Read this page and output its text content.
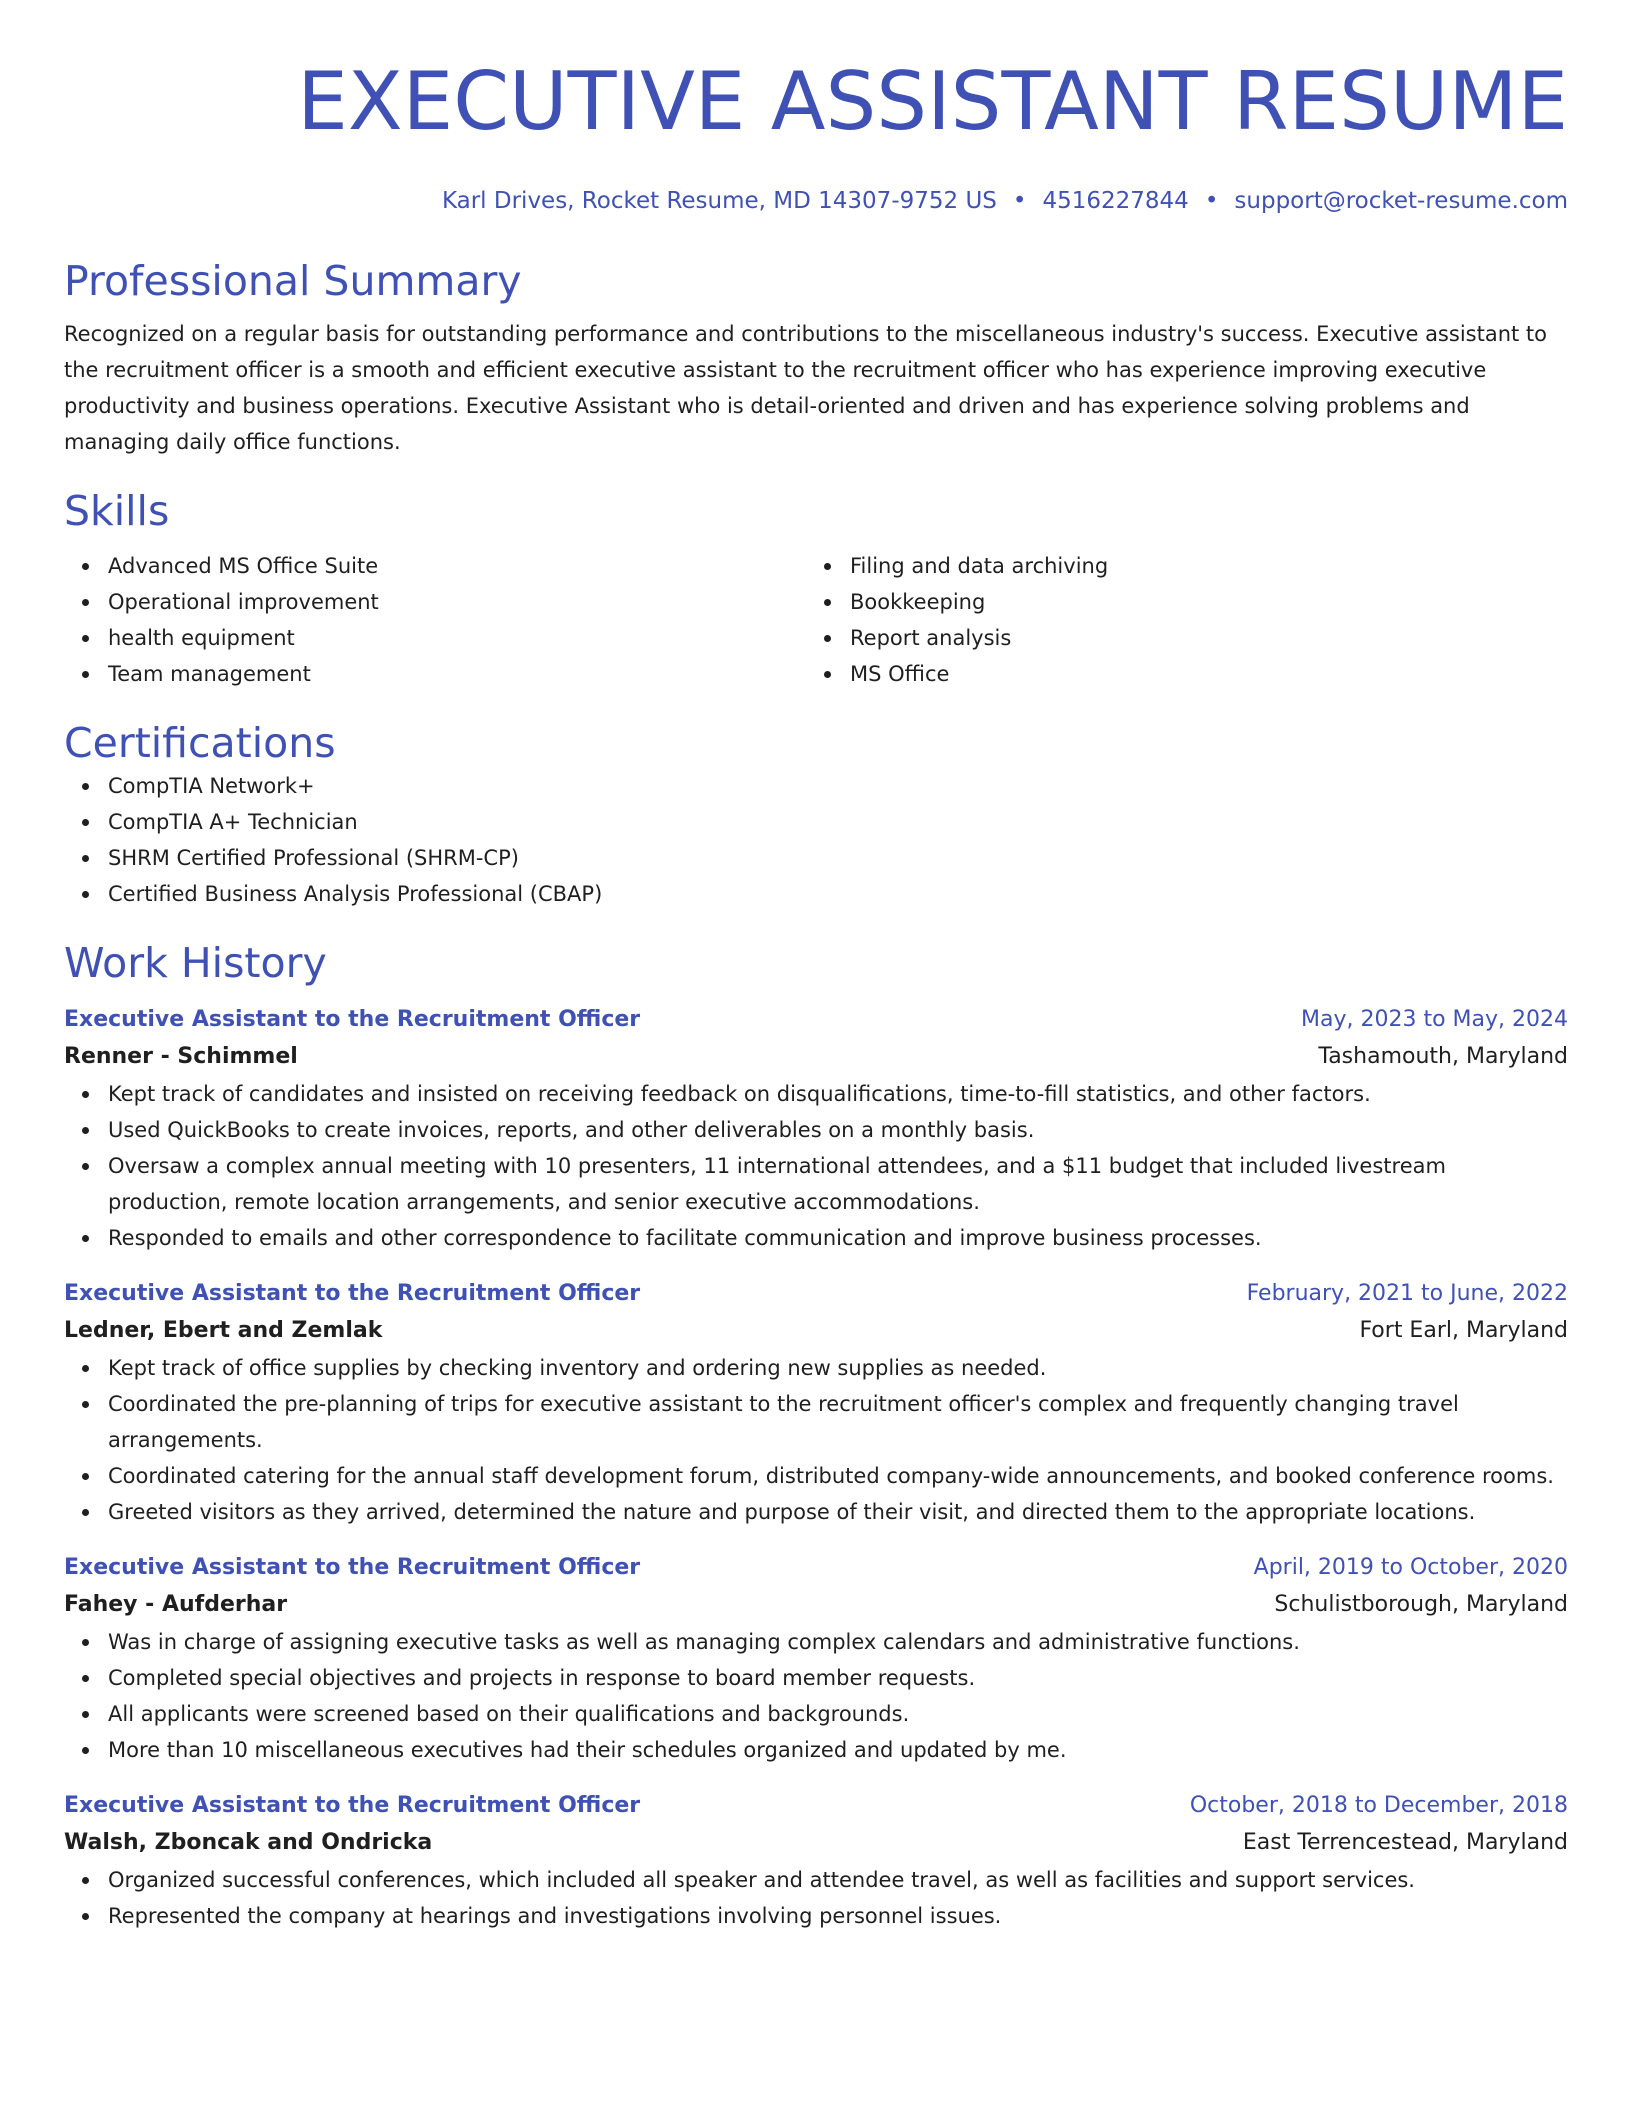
EXECUTIVE ASSISTANT RESUME
Karl Drives, Rocket Resume, MD 14307-9752 US • 4516227844 • support@rocket-resume.com
Professional Summary
Recognized on a regular basis for outstanding performance and contributions to the miscellaneous industry's success. Executive assistant to the recruitment officer is a smooth and efficient executive assistant to the recruitment officer who has experience improving executive productivity and business operations. Executive Assistant who is detail-oriented and driven and has experience solving problems and managing daily office functions.
Skills
Advanced MS Office Suite
Operational improvement
health equipment
Team management
Filing and data archiving
Bookkeeping
Report analysis
MS Office
Certifications
CompTIA Network+
CompTIA A+ Technician
SHRM Certified Professional (SHRM-CP)
Certified Business Analysis Professional (CBAP)
Work History
Executive Assistant to the Recruitment Officer	May, 2023 to May, 2024
Renner - Schimmel	Tashamouth, Maryland
Kept track of candidates and insisted on receiving feedback on disqualifications, time-to-fill statistics, and other factors.
Used QuickBooks to create invoices, reports, and other deliverables on a monthly basis.
Oversaw a complex annual meeting with 10 presenters, 11 international attendees, and a $11 budget that included livestream production, remote location arrangements, and senior executive accommodations.
Responded to emails and other correspondence to facilitate communication and improve business processes.
Executive Assistant to the Recruitment Officer	February, 2021 to June, 2022
Ledner, Ebert and Zemlak	Fort Earl, Maryland
Kept track of office supplies by checking inventory and ordering new supplies as needed.
Coordinated the pre-planning of trips for executive assistant to the recruitment officer's complex and frequently changing travel arrangements.
Coordinated catering for the annual staff development forum, distributed company-wide announcements, and booked conference rooms.
Greeted visitors as they arrived, determined the nature and purpose of their visit, and directed them to the appropriate locations.
Executive Assistant to the Recruitment Officer	April, 2019 to October, 2020
Fahey - Aufderhar	Schulistborough, Maryland
Was in charge of assigning executive tasks as well as managing complex calendars and administrative functions.
Completed special objectives and projects in response to board member requests.
All applicants were screened based on their qualifications and backgrounds.
More than 10 miscellaneous executives had their schedules organized and updated by me.
Executive Assistant to the Recruitment Officer	October, 2018 to December, 2018
Walsh, Zboncak and Ondricka	East Terrencestead, Maryland
Organized successful conferences, which included all speaker and attendee travel, as well as facilities and support services.
Represented the company at hearings and investigations involving personnel issues.
